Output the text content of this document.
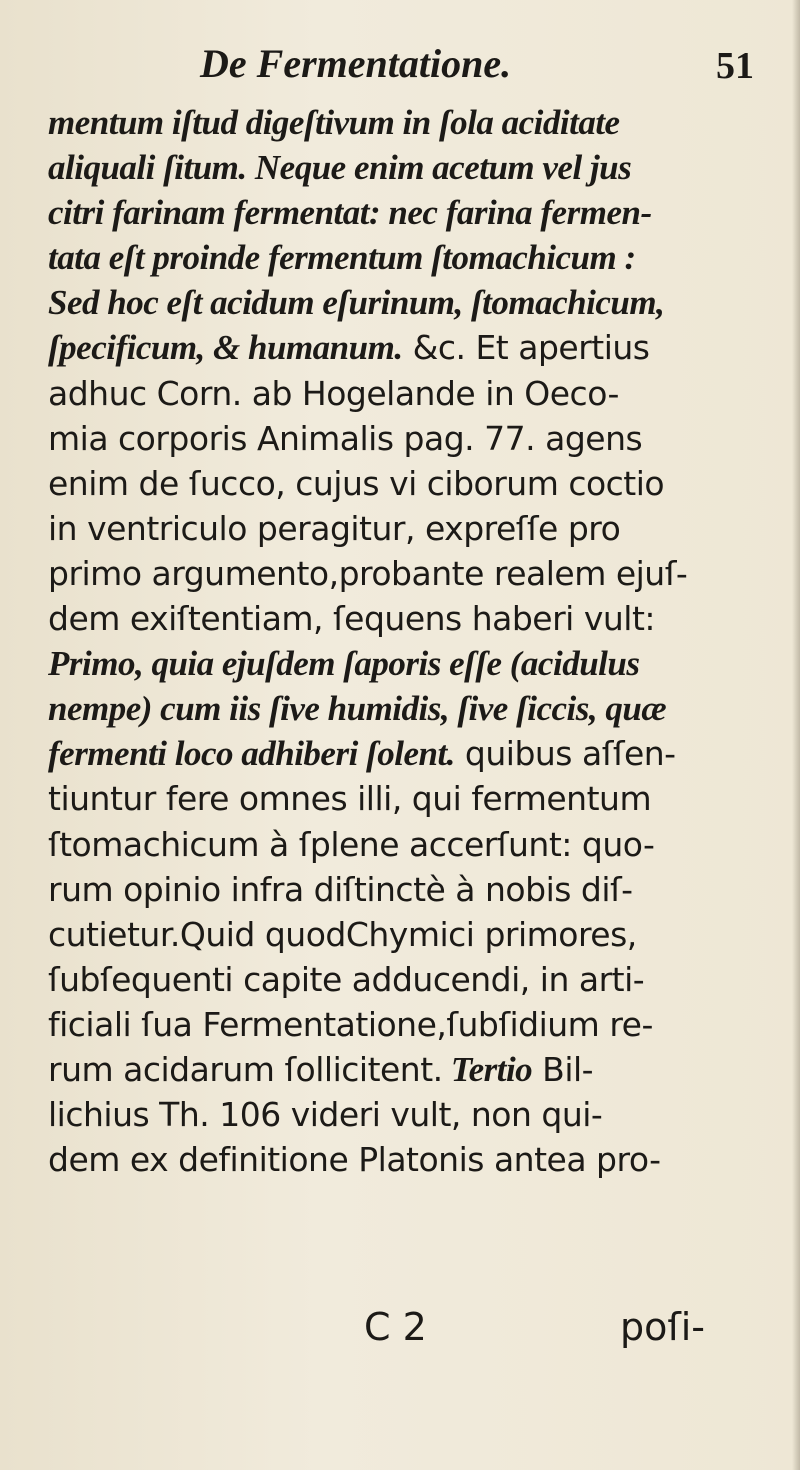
De Fermentatione.	51
mentum iſtud digeſtivum in ſola aciditate
aliquali ſitum. Neque enim acetum vel jus
citri farinam fermentat: nec farina fermen-
tata eſt proinde fermentum ſtomachicum :
Sed hoc eſt acidum eſurinum, ſtomachicum,
ſpecificum, & humanum. &c. Et apertius
adhuc Corn. ab Hogelande in Oeco-
mia corporis Animalis pag. 77. agens
enim de ſucco, cujus vi ciborum coctio
in ventriculo peragitur, expreſſe pro
primo argumento,probante realem ejuſ-
dem exiſtentiam, ſequens haberi vult:
Primo, quia ejuſdem ſaporis eſſe (acidulus
nempe) cum iis ſive humidis, ſive ſiccis, quæ
fermenti loco adhiberi ſolent. quibus aſſen-
tiuntur fere omnes illi, qui fermentum
ſtomachicum à ſplene accerſunt: quo-
rum opinio infra diſtinctè à nobis diſ-
cutietur.Quid quodChymici primores,
ſubſequenti capite adducendi, in arti-
ficiali ſua Fermentatione,ſubſidium re-
rum acidarum ſollicitent. Tertio Bil-
lichius Th. 106 videri vult, non qui-
dem ex definitione Platonis antea pro-
C 2	poſi-
